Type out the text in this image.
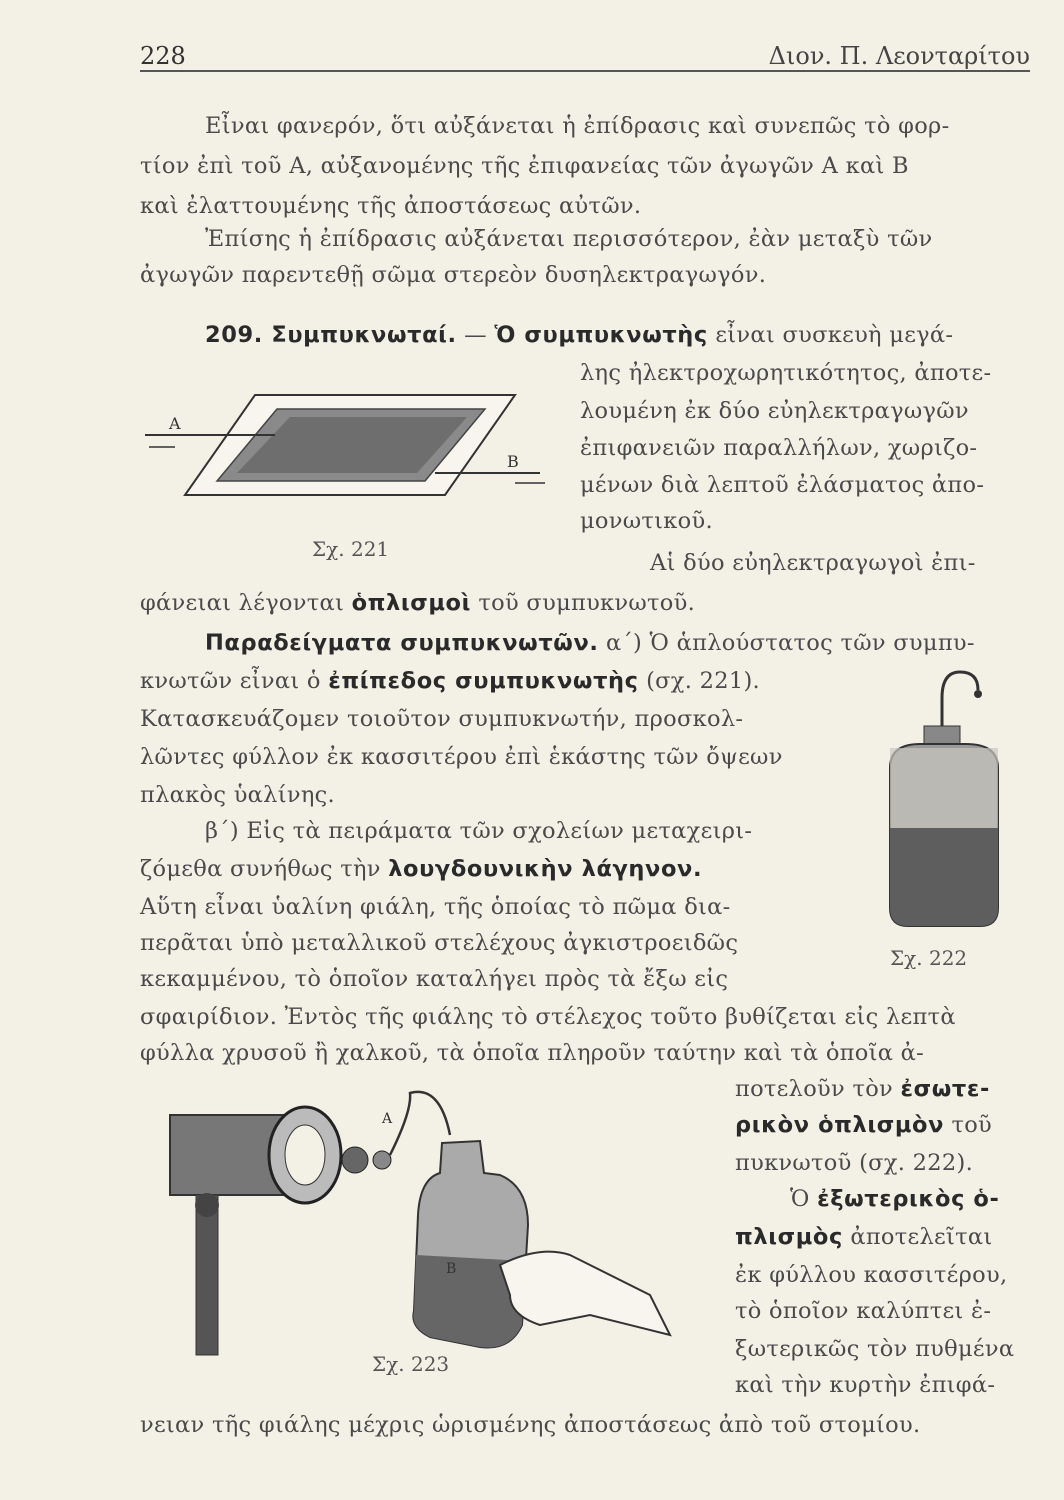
228	Διον. Π. Λεονταρίτου
Εἶναι φανερόν, ὅτι αὐξάνεται ἡ ἐπίδρασις καὶ συνεπῶς τὸ φορ-
τίον ἐπὶ τοῦ Α, αὐξανομένης τῆς ἐπιφανείας τῶν ἀγωγῶν Α καὶ Β
καὶ ἐλαττουμένης τῆς ἀποστάσεως αὐτῶν.
Ἐπίσης ἡ ἐπίδρασις αὐξάνεται περισσότερον, ἐὰν μεταξὺ τῶν
ἀγωγῶν παρεντεθῇ σῶμα στερεὸν δυσηλεκτραγωγόν.
209. Συμπυκνωταί. — Ὁ συμπυκνωτὴς εἶναι συσκευὴ μεγά-
λης ἠλεκτροχωρητικότητος, ἀποτε-
λουμένη ἐκ δύο εὐηλεκτραγωγῶν
ἐπιφανειῶν παραλλήλων, χωριζο-
μένων διὰ λεπτοῦ ἐλάσματος ἀπο-
μονωτικοῦ.
Α
Β
Σχ. 221
Αἱ δύο εὐηλεκτραγωγοὶ ἐπι-
φάνειαι λέγονται ὁπλισμοὶ τοῦ συμπυκνωτοῦ.
Παραδείγματα συμπυκνωτῶν. α΄) Ὁ ἁπλούστατος τῶν συμπυ-
κνωτῶν εἶναι ὁ ἐπίπεδος συμπυκνωτὴς (σχ. 221).
Κατασκευάζομεν τοιοῦτον συμπυκνωτήν, προσκολ-
λῶντες φύλλον ἐκ κασσιτέρου ἐπὶ ἑκάστης τῶν ὄψεων
πλακὸς ὑαλίνης.
β΄) Εἰς τὰ πειράματα τῶν σχολείων μεταχειρι-
ζόμεθα συνήθως τὴν λουγδουνικὴν λάγηνον.
Αὕτη εἶναι ὑαλίνη φιάλη, τῆς ὁποίας τὸ πῶμα δια-
περᾶται ὑπὸ μεταλλικοῦ στελέχους ἀγκιστροειδῶς
κεκαμμένου, τὸ ὁποῖον καταλήγει πρὸς τὰ ἔξω εἰς
σφαιρίδιον. Ἐντὸς τῆς φιάλης τὸ στέλεχος τοῦτο βυθίζεται εἰς λεπτὰ
φύλλα χρυσοῦ ἢ χαλκοῦ, τὰ ὁποῖα πληροῦν ταύτην καὶ τὰ ὁποῖα ἀ-
Σχ. 222
Α
Β
Σχ. 223
ποτελοῦν τὸν ἐσωτε-
ρικὸν ὁπλισμὸν τοῦ
πυκνωτοῦ (σχ. 222).
Ὁ ἐξωτερικὸς ὁ-
πλισμὸς ἀποτελεῖται
ἐκ φύλλου κασσιτέρου,
τὸ ὁποῖον καλύπτει ἐ-
ξωτερικῶς τὸν πυθμένα
καὶ τὴν κυρτὴν ἐπιφά-
νειαν τῆς φιάλης μέχρις ὡρισμένης ἀποστάσεως ἀπὸ τοῦ στομίου.
